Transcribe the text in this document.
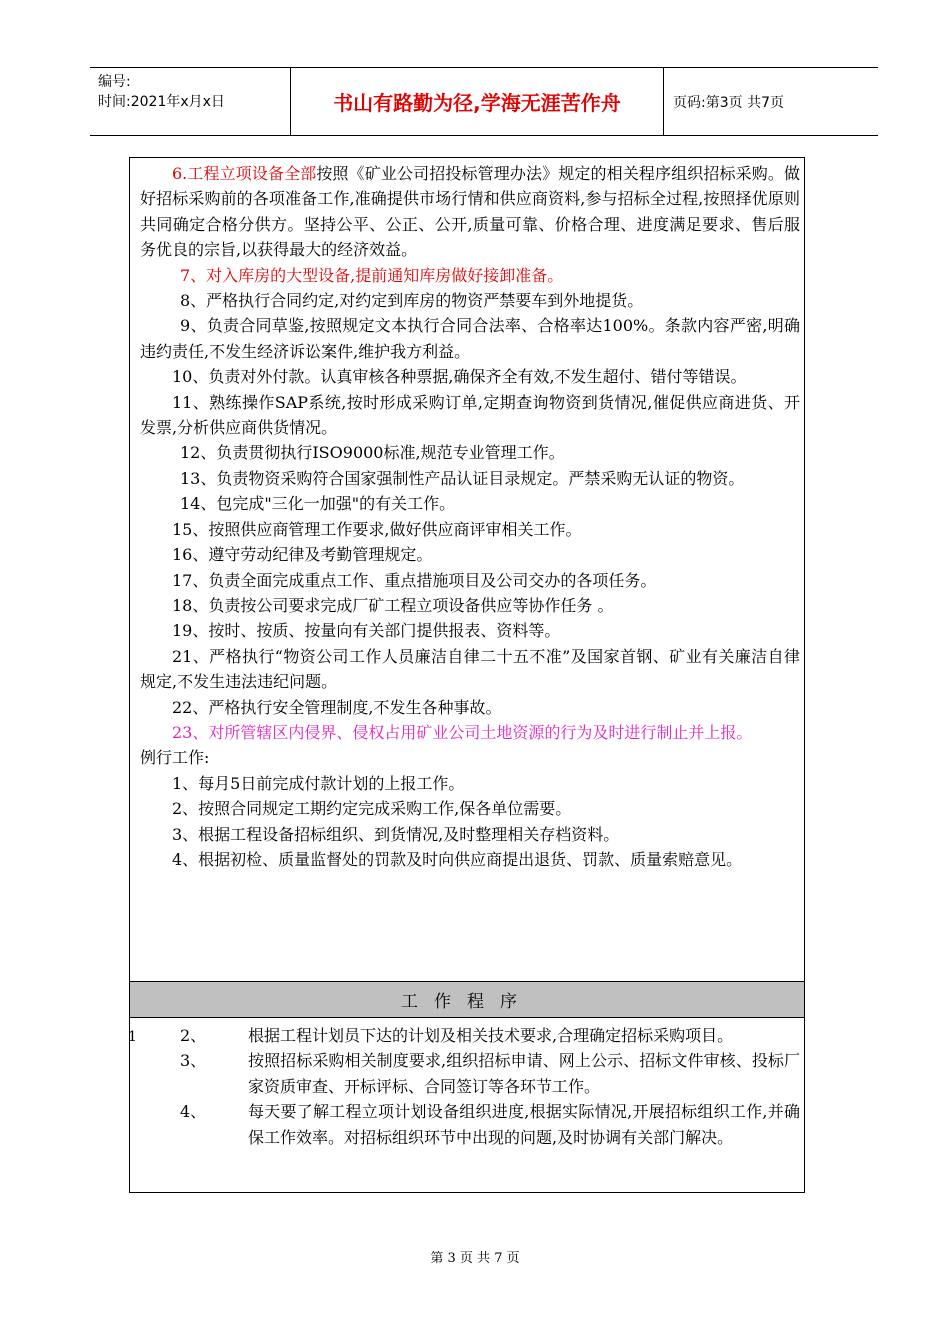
编号:
时间:2021年x月x日	书山有路勤为径,学海无涯苦作舟	页码:第3页 共7页

6.工程立项设备全部按照《矿业公司招投标管理办法》规定的相关程序组织招标采购。做好招标采购前的各项准备工作,准确提供市场行情和供应商资料,参与招标全过程,按照择优原则共同确定合格分供方。坚持公平、公正、公开,质量可靠、价格合理、进度满足要求、售后服务优良的宗旨,以获得最大的经济效益。

7、对入库房的大型设备,提前通知库房做好接卸准备。

8、严格执行合同约定,对约定到库房的物资严禁要车到外地提货。

9、负责合同草鉴,按照规定文本执行合同合法率、合格率达100%。条款内容严密,明确违约责任,不发生经济诉讼案件,维护我方利益。

10、负责对外付款。认真审核各种票据,确保齐全有效,不发生超付、错付等错误。

11、熟练操作SAP系统,按时形成采购订单,定期查询物资到货情况,催促供应商进货、开发票,分析供应商供货情况。

12、负责贯彻执行ISO9000标准,规范专业管理工作。

13、负责物资采购符合国家强制性产品认证目录规定。严禁采购无认证的物资。

14、包完成"三化一加强"的有关工作。

15、按照供应商管理工作要求,做好供应商评审相关工作。

16、遵守劳动纪律及考勤管理规定。

17、负责全面完成重点工作、重点措施项目及公司交办的各项任务。

18、负责按公司要求完成厂矿工程立项设备供应等协作任务 。

19、按时、按质、按量向有关部门提供报表、资料等。

21、严格执行“物资公司工作人员廉洁自律二十五不准”及国家首钢、矿业有关廉洁自律规定,不发生违法违纪问题。

22、严格执行安全管理制度,不发生各种事故。

23、对所管辖区内侵界、侵权占用矿业公司土地资源的行为及时进行制止并上报。

例行工作:

1、每月5日前完成付款计划的上报工作。

2、按照合同规定工期约定完成采购工作,保各单位需要。

3、根据工程设备招标组织、到货情况,及时整理相关存档资料。

4、根据初检、质量监督处的罚款及时向供应商提出退货、罚款、质量索赔意见。

工作程序
1	2、	根据工程计划员下达的计划及相关技术要求,合理确定招标采购项目。
3、	按照招标采购相关制度要求,组织招标申请、网上公示、招标文件审核、投标厂家资质审查、开标评标、合同签订等各环节工作。
4、	每天要了解工程立项计划设备组织进度,根据实际情况,开展招标组织工作,并确保工作效率。对招标组织环节中出现的问题,及时协调有关部门解决。
第 3 页 共 7 页
